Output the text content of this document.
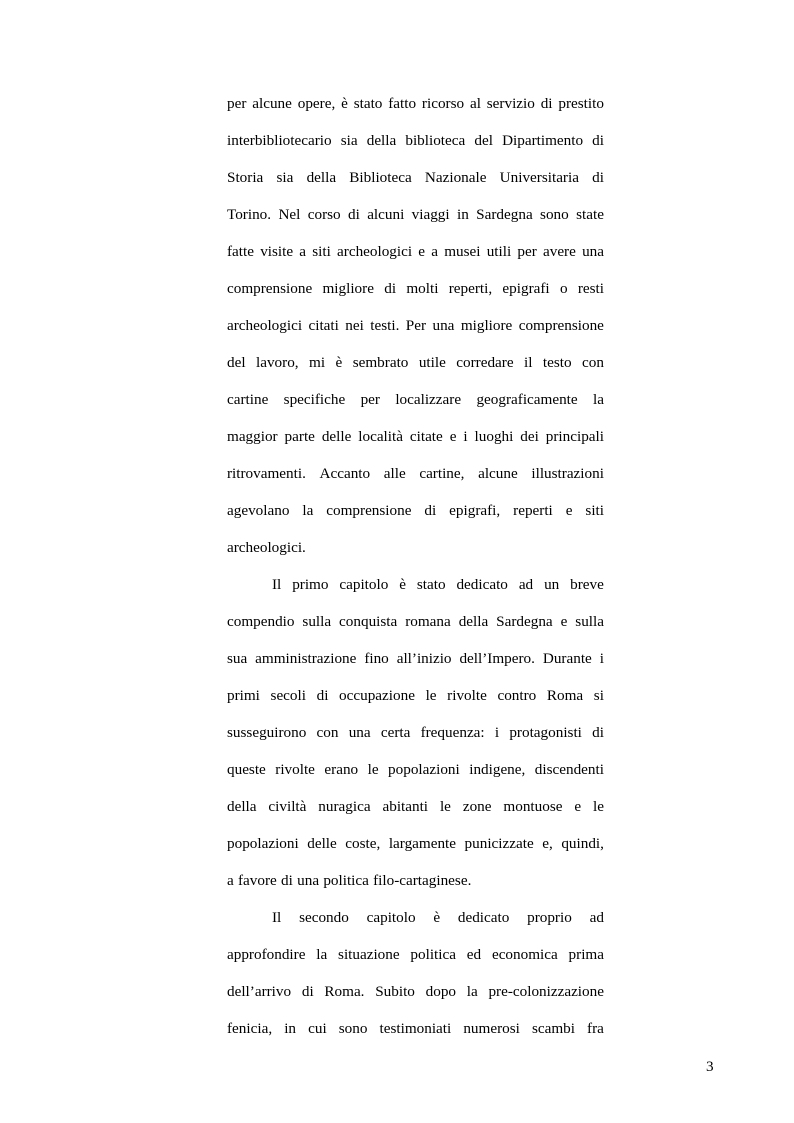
per alcune opere, è stato fatto ricorso al servizio di prestito
interbibliotecario sia della biblioteca del Dipartimento di
Storia sia della Biblioteca Nazionale Universitaria di
Torino. Nel corso di alcuni viaggi in Sardegna sono state
fatte visite a siti archeologici e a musei utili per avere una
comprensione migliore di molti reperti, epigrafi o resti
archeologici citati nei testi. Per una migliore comprensione
del lavoro, mi è sembrato utile corredare il testo con
cartine specifiche per localizzare geograficamente la
maggior parte delle località citate e i luoghi dei principali
ritrovamenti. Accanto alle cartine, alcune illustrazioni
agevolano la comprensione di epigrafi, reperti e siti
archeologici.
Il primo capitolo è stato dedicato ad un breve
compendio sulla conquista romana della Sardegna e sulla
sua amministrazione fino all’inizio dell’Impero. Durante i
primi secoli di occupazione le rivolte contro Roma si
susseguirono con una certa frequenza: i protagonisti di
queste rivolte erano le popolazioni indigene, discendenti
della civiltà nuragica abitanti le zone montuose e le
popolazioni delle coste, largamente punicizzate e, quindi,
a favore di una politica filo-cartaginese.
Il secondo capitolo è dedicato proprio ad
approfondire la situazione politica ed economica prima
dell’arrivo di Roma. Subito dopo la pre-colonizzazione
fenicia, in cui sono testimoniati numerosi scambi fra
3
